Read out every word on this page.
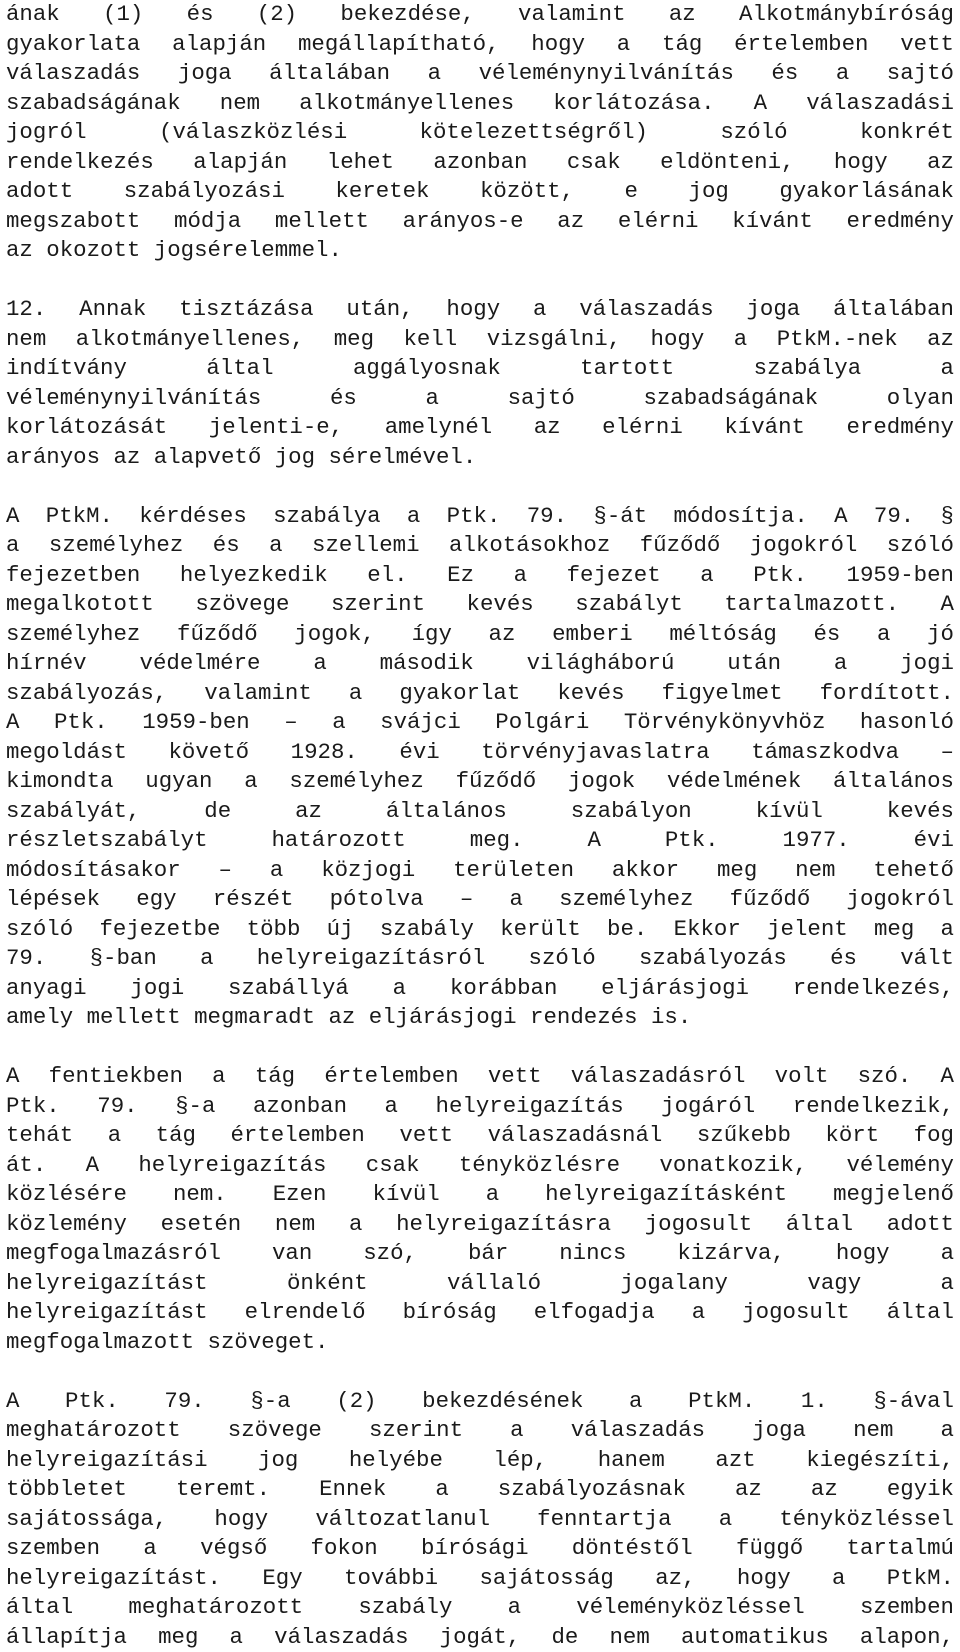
ának (1) és (2) bekezdése, valamint az Alkotmánybíróság
gyakorlata alapján megállapítható, hogy a tág értelemben vett
válaszadás joga általában a véleménynyilvánítás és a sajtó
szabadságának nem alkotmányellenes korlátozása. A válaszadási
jogról (válaszközlési kötelezettségről) szóló konkrét
rendelkezés alapján lehet azonban csak eldönteni, hogy az
adott szabályozási keretek között, e jog gyakorlásának
megszabott módja mellett arányos-e az elérni kívánt eredmény
az okozott jogsérelemmel.
12. Annak tisztázása után, hogy a válaszadás joga általában
nem alkotmányellenes, meg kell vizsgálni, hogy a PtkM.-nek az
indítvány által aggályosnak tartott szabálya a
véleménynyilvánítás és a sajtó szabadságának olyan
korlátozását jelenti-e, amelynél az elérni kívánt eredmény
arányos az alapvető jog sérelmével.
A PtkM. kérdéses szabálya a Ptk. 79. §-át módosítja. A 79. §
a személyhez és a szellemi alkotásokhoz fűződő jogokról szóló
fejezetben helyezkedik el. Ez a fejezet a Ptk. 1959-ben
megalkotott szövege szerint kevés szabályt tartalmazott. A
személyhez fűződő jogok, így az emberi méltóság és a jó
hírnév védelmére a második világháború után a jogi
szabályozás, valamint a gyakorlat kevés figyelmet fordított.
A Ptk. 1959-ben – a svájci Polgári Törvénykönyvhöz hasonló
megoldást követő 1928. évi törvényjavaslatra támaszkodva –
kimondta ugyan a személyhez fűződő jogok védelmének általános
szabályát, de az általános szabályon kívül kevés
részletszabályt határozott meg. A Ptk. 1977. évi
módosításakor – a közjogi területen akkor meg nem tehető
lépések egy részét pótolva – a személyhez fűződő jogokról
szóló fejezetbe több új szabály került be. Ekkor jelent meg a
79. §-ban a helyreigazításról szóló szabályozás és vált
anyagi jogi szabállyá a korábban eljárásjogi rendelkezés,
amely mellett megmaradt az eljárásjogi rendezés is.
A fentiekben a tág értelemben vett válaszadásról volt szó. A
Ptk. 79. §-a azonban a helyreigazítás jogáról rendelkezik,
tehát a tág értelemben vett válaszadásnál szűkebb kört fog
át. A helyreigazítás csak tényközlésre vonatkozik, vélemény
közlésére nem. Ezen kívül a helyreigazításként megjelenő
közlemény esetén nem a helyreigazításra jogosult által adott
megfogalmazásról van szó, bár nincs kizárva, hogy a
helyreigazítást önként vállaló jogalany vagy a
helyreigazítást elrendelő bíróság elfogadja a jogosult által
megfogalmazott szöveget.
A Ptk. 79. §-a (2) bekezdésének a PtkM. 1. §-ával
meghatározott szövege szerint a válaszadás joga nem a
helyreigazítási jog helyébe lép, hanem azt kiegészíti,
többletet teremt. Ennek a szabályozásnak az az egyik
sajátossága, hogy változatlanul fenntartja a tényközléssel
szemben a végső fokon bírósági döntéstől függő tartalmú
helyreigazítást. Egy további sajátosság az, hogy a PtkM.
által meghatározott szabály a véleményközléssel szemben
állapítja meg a válaszadás jogát, de nem automatikus alapon,
